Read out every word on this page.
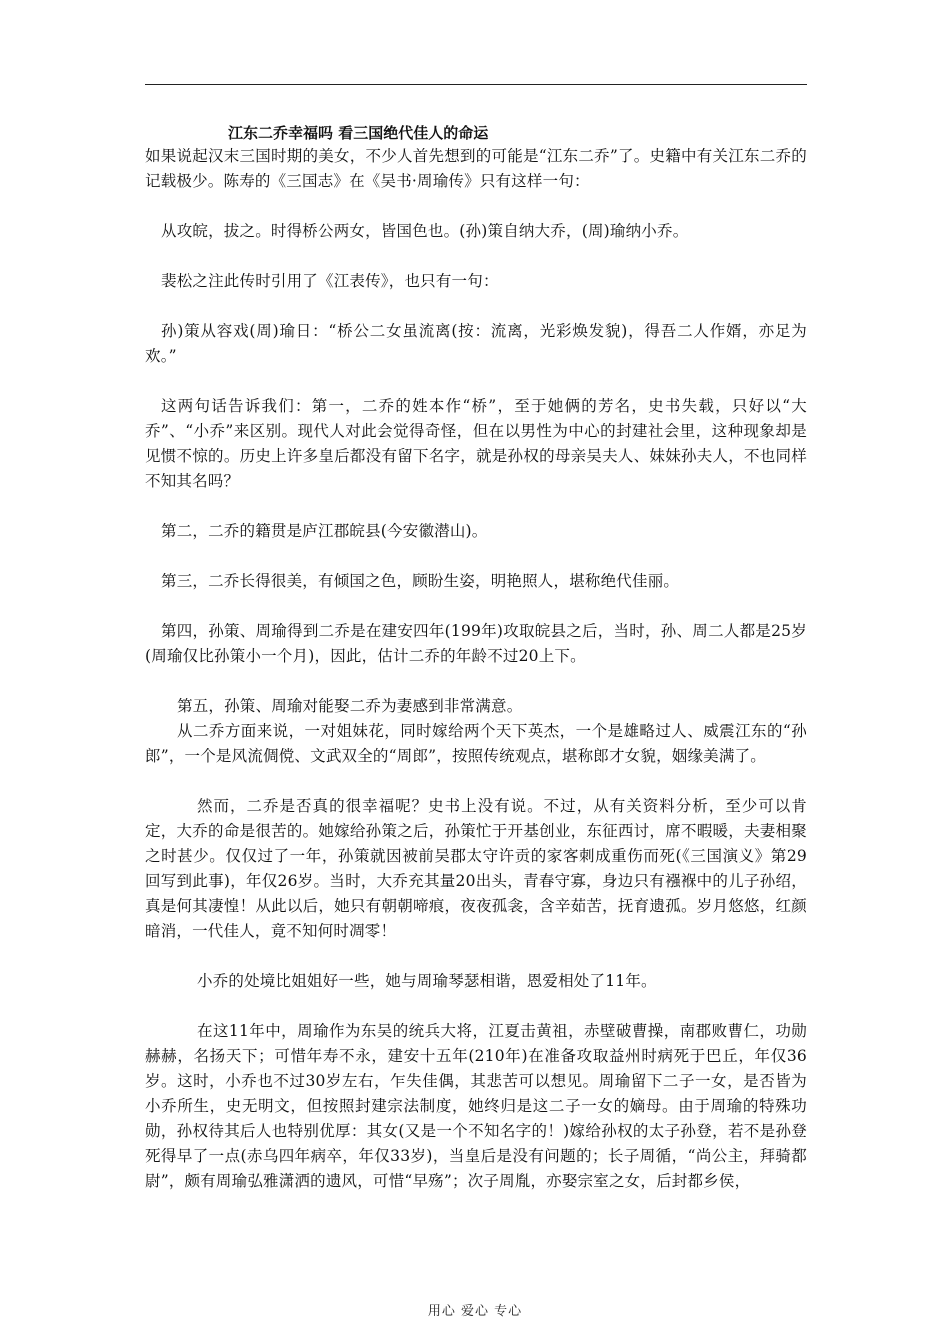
江东二乔幸福吗 看三国绝代佳人的命运

如果说起汉末三国时期的美女，不少人首先想到的可能是“江东二乔”了。史籍中有关江东二乔的记载极少。陈寿的《三国志》在《吴书·周瑜传》只有这样一句：

从攻皖，拔之。时得桥公两女，皆国色也。(孙)策自纳大乔，(周)瑜纳小乔。

裴松之注此传时引用了《江表传》，也只有一句：

孙)策从容戏(周)瑜日：“桥公二女虽流离(按：流离，光彩焕发貌)，得吾二人作婿，亦足为欢。”

这两句话告诉我们：第一，二乔的姓本作“桥”，至于她俩的芳名，史书失载，只好以“大乔”、“小乔”来区别。现代人对此会觉得奇怪，但在以男性为中心的封建社会里，这种现象却是见惯不惊的。历史上许多皇后都没有留下名字，就是孙权的母亲吴夫人、妹妹孙夫人，不也同样不知其名吗？

第二，二乔的籍贯是庐江郡皖县(今安徽潜山)。

第三，二乔长得很美，有倾国之色，顾盼生姿，明艳照人，堪称绝代佳丽。

第四，孙策、周瑜得到二乔是在建安四年(199年)攻取皖县之后，当时，孙、周二人都是25岁(周瑜仅比孙策小一个月)，因此，估计二乔的年龄不过20上下。

第五，孙策、周瑜对能娶二乔为妻感到非常满意。

从二乔方面来说，一对姐妹花，同时嫁给两个天下英杰，一个是雄略过人、威震江东的“孙郎”，一个是风流倜傥、文武双全的“周郎”，按照传统观点，堪称郎才女貌，姻缘美满了。

然而，二乔是否真的很幸福呢？史书上没有说。不过，从有关资料分析，至少可以肯定，大乔的命是很苦的。她嫁给孙策之后，孙策忙于开基创业，东征西讨，席不暇暖，夫妻相聚之时甚少。仅仅过了一年，孙策就因被前吴郡太守许贡的家客刺成重伤而死(《三国演义》第29回写到此事)，年仅26岁。当时，大乔充其量20出头，青春守寡，身边只有襁褓中的儿子孙绍，真是何其凄惶！从此以后，她只有朝朝啼痕，夜夜孤衾，含辛茹苦，抚育遗孤。岁月悠悠，红颜暗消，一代佳人，竟不知何时凋零！

小乔的处境比姐姐好一些，她与周瑜琴瑟相谐，恩爱相处了11年。

在这11年中，周瑜作为东吴的统兵大将，江夏击黄祖，赤壁破曹操，南郡败曹仁，功勋赫赫，名扬天下；可惜年寿不永，建安十五年(210年)在准备攻取益州时病死于巴丘，年仅36岁。这时，小乔也不过30岁左右，乍失佳偶，其悲苦可以想见。周瑜留下二子一女，是否皆为小乔所生，史无明文，但按照封建宗法制度，她终归是这二子一女的嫡母。由于周瑜的特殊功勋，孙权待其后人也特别优厚：其女(又是一个不知名字的！)嫁给孙权的太子孙登，若不是孙登死得早了一点(赤乌四年病卒，年仅33岁)，当皇后是没有问题的；长子周循，“尚公主，拜骑都尉”，颇有周瑜弘雅潇洒的遗风，可惜“早殇”；次子周胤，亦娶宗室之女，后封都乡侯，

用心 爱心 专心
